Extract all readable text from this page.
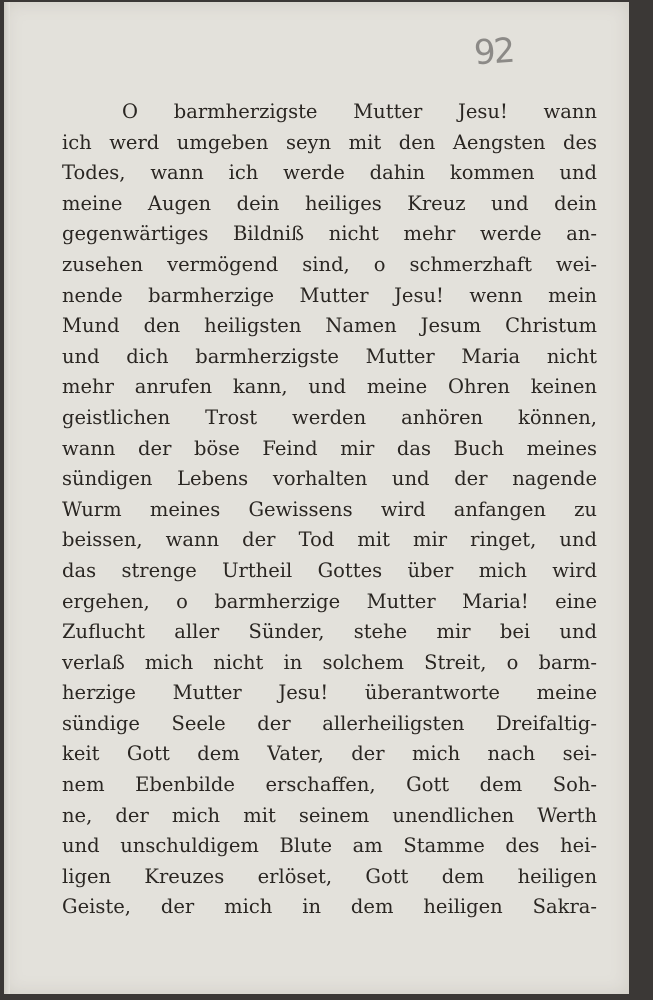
92
O barmherzigste Mutter Jesu! wann
ich werd umgeben seyn mit den Aengsten des
Todes, wann ich werde dahin kommen und
meine Augen dein heiliges Kreuz und dein
gegenwärtiges Bildniß nicht mehr werde an-
zusehen vermögend sind, o schmerzhaft wei-
nende barmherzige Mutter Jesu! wenn mein
Mund den heiligsten Namen Jesum Christum
und dich barmherzigste Mutter Maria nicht
mehr anrufen kann, und meine Ohren keinen
geistlichen Trost werden anhören können,
wann der böse Feind mir das Buch meines
sündigen Lebens vorhalten und der nagende
Wurm meines Gewissens wird anfangen zu
beissen, wann der Tod mit mir ringet, und
das strenge Urtheil Gottes über mich wird
ergehen, o barmherzige Mutter Maria! eine
Zuflucht aller Sünder, stehe mir bei und
verlaß mich nicht in solchem Streit, o barm-
herzige Mutter Jesu! überantworte meine
sündige Seele der allerheiligsten Dreifaltig-
keit Gott dem Vater, der mich nach sei-
nem Ebenbilde erschaffen, Gott dem Soh-
ne, der mich mit seinem unendlichen Werth
und unschuldigem Blute am Stamme des hei-
ligen Kreuzes erlöset, Gott dem heiligen
Geiste, der mich in dem heiligen Sakra-
